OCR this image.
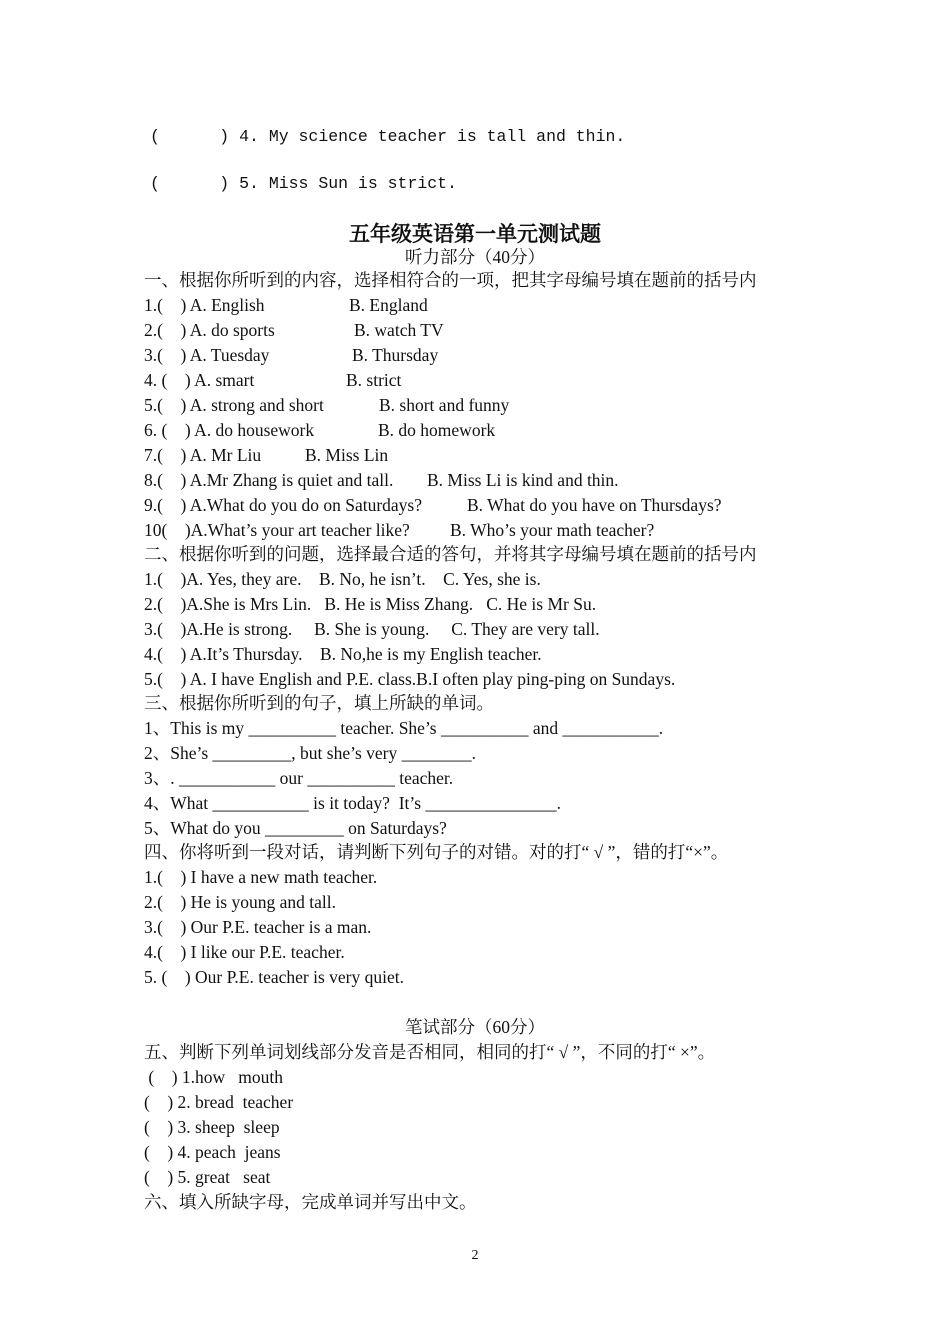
(      ) 4. My science teacher is tall and thin.
(      ) 5. Miss Sun is strict.
五年级英语第一单元测试题
听力部分（40分）
一、根据你所听到的内容，选择相符合的一项，把其字母编号填在题前的括号内
1.(    ) A. English	B. England
2.(    ) A. do sports	B. watch TV
3.(    ) A. Tuesday	B. Thursday
4. (    ) A. smart	B. strict
5.(    ) A. strong and short	B. short and funny
6. (    ) A. do housework	B. do homework
7.(    ) A. Mr Liu	B. Miss Lin
8.(    ) A.Mr Zhang is quiet and tall. B. Miss Li is kind and thin.
9.(    ) A.What do you do on Saturdays?	B. What do you have on Thursdays?
10(    )A.What’s your art teacher like? B. Who’s your math teacher?
二、根据你听到的问题，选择最合适的答句，并将其字母编号填在题前的括号内
1.(    )A. Yes, they are.    B. No, he isn’t.    C. Yes, she is.
2.(    )A.She is Mrs Lin.   B. He is Miss Zhang.   C. He is Mr Su.
3.(    )A.He is strong.     B. She is young.     C. They are very tall.
4.(    ) A.It’s Thursday.    B. No,he is my English teacher.
5.(    ) A. I have English and P.E. class.B.I often play ping-ping on Sundays.
三、根据你所听到的句子，填上所缺的单词。
1、This is my __________ teacher. She’s __________ and ___________.
2、She’s _________, but she’s very ________.
3、. ___________ our __________ teacher.
4、What ___________ is it today?  It’s _______________.
5、What do you _________ on Saturdays?
四、你将听到一段对话，请判断下列句子的对错。对的打“ √ ”，错的打“×”。
1.(    ) I have a new math teacher.
2.(    ) He is young and tall.
3.(    ) Our P.E. teacher is a man.
4.(    ) I like our P.E. teacher.
5. (    ) Our P.E. teacher is very quiet.
笔试部分（60分）
五、判断下列单词划线部分发音是否相同，相同的打“ √ ”，不同的打“ ×”。
(    ) 1.how   mouth
(    ) 2. bread  teacher
(    ) 3. sheep  sleep
(    ) 4. peach  jeans
(    ) 5. great   seat
六、填入所缺字母，完成单词并写出中文。
2
